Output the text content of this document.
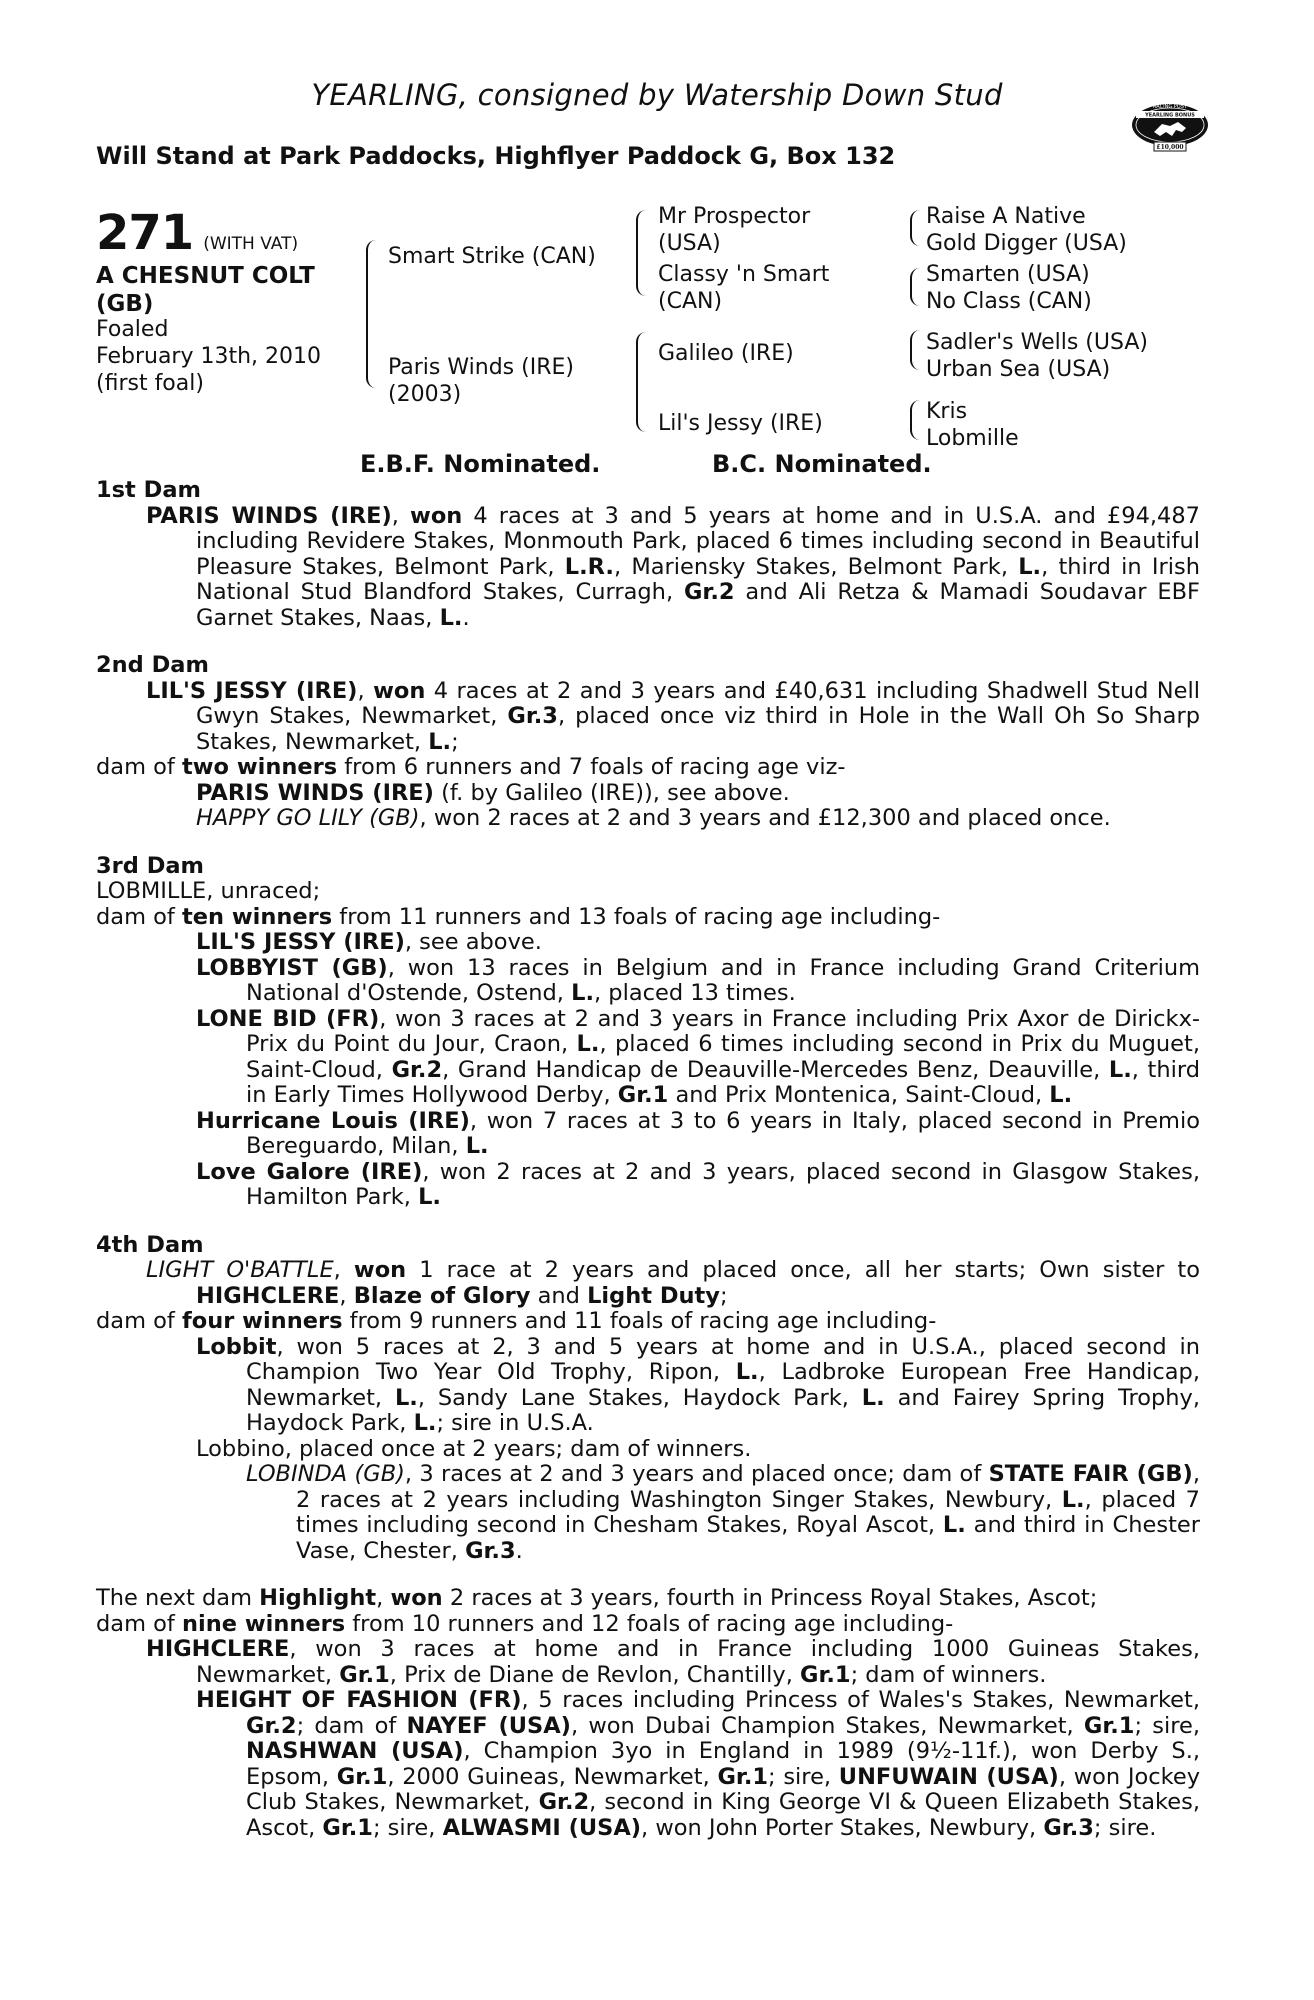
YEARLING, consigned by Watership Down Stud
Will Stand at Park Paddocks, Highflyer Paddock G, Box 132
RACING POST
YEARLING BONUS
£10,000
271 (WITH VAT)
A CHESNUT COLT
(GB)
Foaled
February 13th, 2010
(first foal)
Smart Strike (CAN)
Paris Winds (IRE)
(2003)
Mr Prospector
(USA)
Classy 'n Smart
(CAN)
Galileo (IRE)
Lil's Jessy (IRE)
Raise A Native
Gold Digger (USA)
Smarten (USA)
No Class (CAN)
Sadler's Wells (USA)
Urban Sea (USA)
Kris
Lobmille
E.B.F. Nominated.	B.C. Nominated.
1st Dam

PARIS WINDS (IRE), won 4 races at 3 and 5 years at home and in U.S.A. and £94,487 including Revidere Stakes, Monmouth Park, placed 6 times including second in Beautiful Pleasure Stakes, Belmont Park, L.R., Mariensky Stakes, Belmont Park, L., third in Irish National Stud Blandford Stakes, Curragh, Gr.2 and Ali Retza & Mamadi Soudavar EBF Garnet Stakes, Naas, L..

2nd Dam

LIL'S JESSY (IRE), won 4 races at 2 and 3 years and £40,631 including Shadwell Stud Nell Gwyn Stakes, Newmarket, Gr.3, placed once viz third in Hole in the Wall Oh So Sharp Stakes, Newmarket, L.;

dam of two winners from 6 runners and 7 foals of racing age viz-

PARIS WINDS (IRE) (f. by Galileo (IRE)), see above.

HAPPY GO LILY (GB), won 2 races at 2 and 3 years and £12,300 and placed once.

3rd Dam

LOBMILLE, unraced;

dam of ten winners from 11 runners and 13 foals of racing age including-

LIL'S JESSY (IRE), see above.

LOBBYIST (GB), won 13 races in Belgium and in France including Grand Criterium National d'Ostende, Ostend, L., placed 13 times.

LONE BID (FR), won 3 races at 2 and 3 years in France including Prix Axor de Dirickx-Prix du Point du Jour, Craon, L., placed 6 times including second in Prix du Muguet, Saint-Cloud, Gr.2, Grand Handicap de Deauville-Mercedes Benz, Deauville, L., third in Early Times Hollywood Derby, Gr.1 and Prix Montenica, Saint-Cloud, L.

Hurricane Louis (IRE), won 7 races at 3 to 6 years in Italy, placed second in Premio Bereguardo, Milan, L.

Love Galore (IRE), won 2 races at 2 and 3 years, placed second in Glasgow Stakes, Hamilton Park, L.

4th Dam

LIGHT O'BATTLE, won 1 race at 2 years and placed once, all her starts; Own sister to HIGHCLERE, Blaze of Glory and Light Duty;

dam of four winners from 9 runners and 11 foals of racing age including-

Lobbit, won 5 races at 2, 3 and 5 years at home and in U.S.A., placed second in Champion Two Year Old Trophy, Ripon, L., Ladbroke European Free Handicap, Newmarket, L., Sandy Lane Stakes, Haydock Park, L. and Fairey Spring Trophy, Haydock Park, L.; sire in U.S.A.

Lobbino, placed once at 2 years; dam of winners.

LOBINDA (GB), 3 races at 2 and 3 years and placed once; dam of STATE FAIR (GB), 2 races at 2 years including Washington Singer Stakes, Newbury, L., placed 7 times including second in Chesham Stakes, Royal Ascot, L. and third in Chester Vase, Chester, Gr.3.

The next dam Highlight, won 2 races at 3 years, fourth in Princess Royal Stakes, Ascot;

dam of nine winners from 10 runners and 12 foals of racing age including-

HIGHCLERE, won 3 races at home and in France including 1000 Guineas Stakes, Newmarket, Gr.1, Prix de Diane de Revlon, Chantilly, Gr.1; dam of winners.

HEIGHT OF FASHION (FR), 5 races including Princess of Wales's Stakes, Newmarket, Gr.2; dam of NAYEF (USA), won Dubai Champion Stakes, Newmarket, Gr.1; sire, NASHWAN (USA), Champion 3yo in England in 1989 (9½-11f.), won Derby S., Epsom, Gr.1, 2000 Guineas, Newmarket, Gr.1; sire, UNFUWAIN (USA), won Jockey Club Stakes, Newmarket, Gr.2, second in King George VI & Queen Elizabeth Stakes, Ascot, Gr.1; sire, ALWASMI (USA), won John Porter Stakes, Newbury, Gr.3; sire.
